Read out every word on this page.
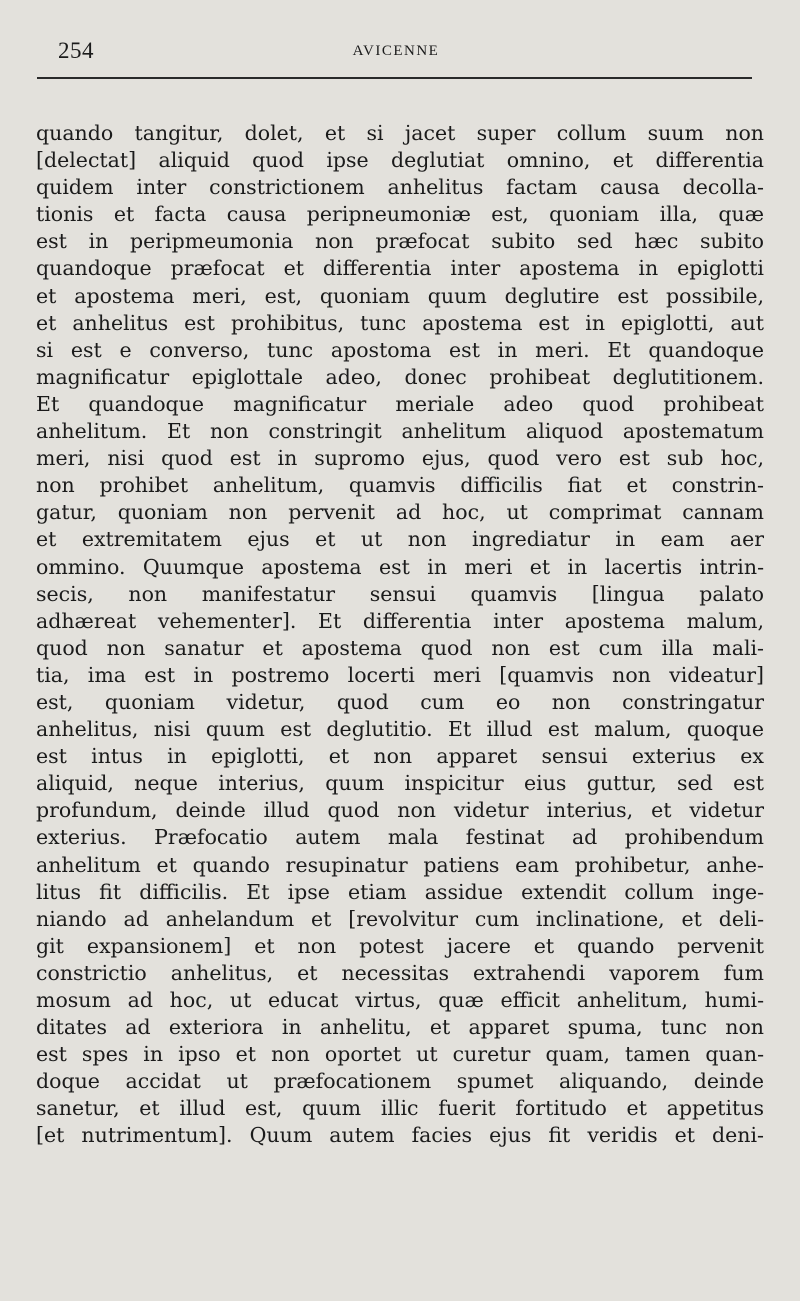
254	AVICENNE
quando tangitur, dolet, et si jacet super collum suum non
[delectat] aliquid quod ipse deglutiat omnino, et differentia
quidem inter constrictionem anhelitus factam causa decolla-
tionis et facta causa peripneumoniæ est, quoniam illa, quæ
est in peripmeumonia non præfocat subito sed hæc subito
quandoque præfocat et differentia inter apostema in epiglotti
et apostema meri, est, quoniam quum deglutire est possibile,
et anhelitus est prohibitus, tunc apostema est in epiglotti, aut
si est e converso, tunc apostoma est in meri. Et quandoque
magnificatur epiglottale adeo, donec prohibeat deglutitionem.
Et quandoque magnificatur meriale adeo quod prohibeat
anhelitum. Et non constringit anhelitum aliquod apostematum
meri, nisi quod est in supromo ejus, quod vero est sub hoc,
non prohibet anhelitum, quamvis difficilis fiat et constrin-
gatur, quoniam non pervenit ad hoc, ut comprimat cannam
et extremitatem ejus et ut non ingrediatur in eam aer
ommino. Quumque apostema est in meri et in lacertis intrin-
secis, non manifestatur sensui quamvis [lingua palato
adhæreat vehementer]. Et differentia inter apostema malum,
quod non sanatur et apostema quod non est cum illa mali-
tia, ima est in postremo locerti meri [quamvis non videatur]
est, quoniam videtur, quod cum eo non constringatur
anhelitus, nisi quum est deglutitio. Et illud est malum, quoque
est intus in epiglotti, et non apparet sensui exterius ex
aliquid, neque interius, quum inspicitur eius guttur, sed est
profundum, deinde illud quod non videtur interius, et videtur
exterius. Præfocatio autem mala festinat ad prohibendum
anhelitum et quando resupinatur patiens eam prohibetur, anhe-
litus fit difficilis. Et ipse etiam assidue extendit collum inge-
niando ad anhelandum et [revolvitur cum inclinatione, et deli-
git expansionem] et non potest jacere et quando pervenit
constrictio anhelitus, et necessitas extrahendi vaporem fum
mosum ad hoc, ut educat virtus, quæ efficit anhelitum, humi-
ditates ad exteriora in anhelitu, et apparet spuma, tunc non
est spes in ipso et non oportet ut curetur quam, tamen quan-
doque accidat ut præfocationem spumet aliquando, deinde
sanetur, et illud est, quum illic fuerit fortitudo et appetitus
[et nutrimentum]. Quum autem facies ejus fit veridis et deni-
